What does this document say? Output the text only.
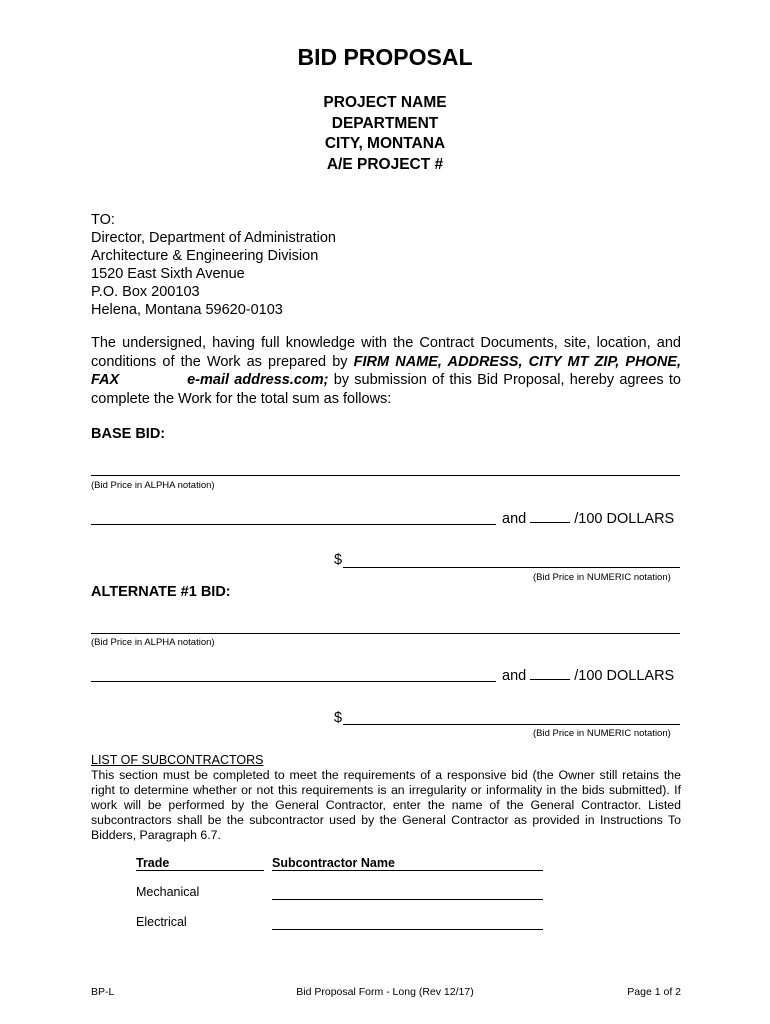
BID PROPOSAL
PROJECT NAME
DEPARTMENT
CITY, MONTANA
A/E PROJECT #
TO:
Director, Department of Administration
Architecture & Engineering Division
1520 East Sixth Avenue
P.O. Box 200103
Helena, Montana 59620-0103
The undersigned, having full knowledge with the Contract Documents, site, location, and conditions of the Work as prepared by FIRM NAME, ADDRESS, CITY MT ZIP, PHONE, FAX	e-mail address.com; by submission of this Bid Proposal, hereby agrees to complete the Work for the total sum as follows:
BASE BID:
(Bid Price in ALPHA notation)
and	/100 DOLLARS
$
(Bid Price in NUMERIC notation)
ALTERNATE #1 BID:
(Bid Price in ALPHA notation)
and	/100 DOLLARS
$
(Bid Price in NUMERIC notation)
LIST OF SUBCONTRACTORS
This section must be completed to meet the requirements of a responsive bid (the Owner still retains the right to determine whether or not this requirements is an irregularity or informality in the bids submitted). If work will be performed by the General Contractor, enter the name of the General Contractor. Listed subcontractors shall be the subcontractor used by the General Contractor as provided in Instructions To Bidders, Paragraph 6.7.
Trade	Subcontractor Name
Mechanical
Electrical
BP-L	Bid Proposal Form - Long (Rev 12/17)	Page 1 of 2
